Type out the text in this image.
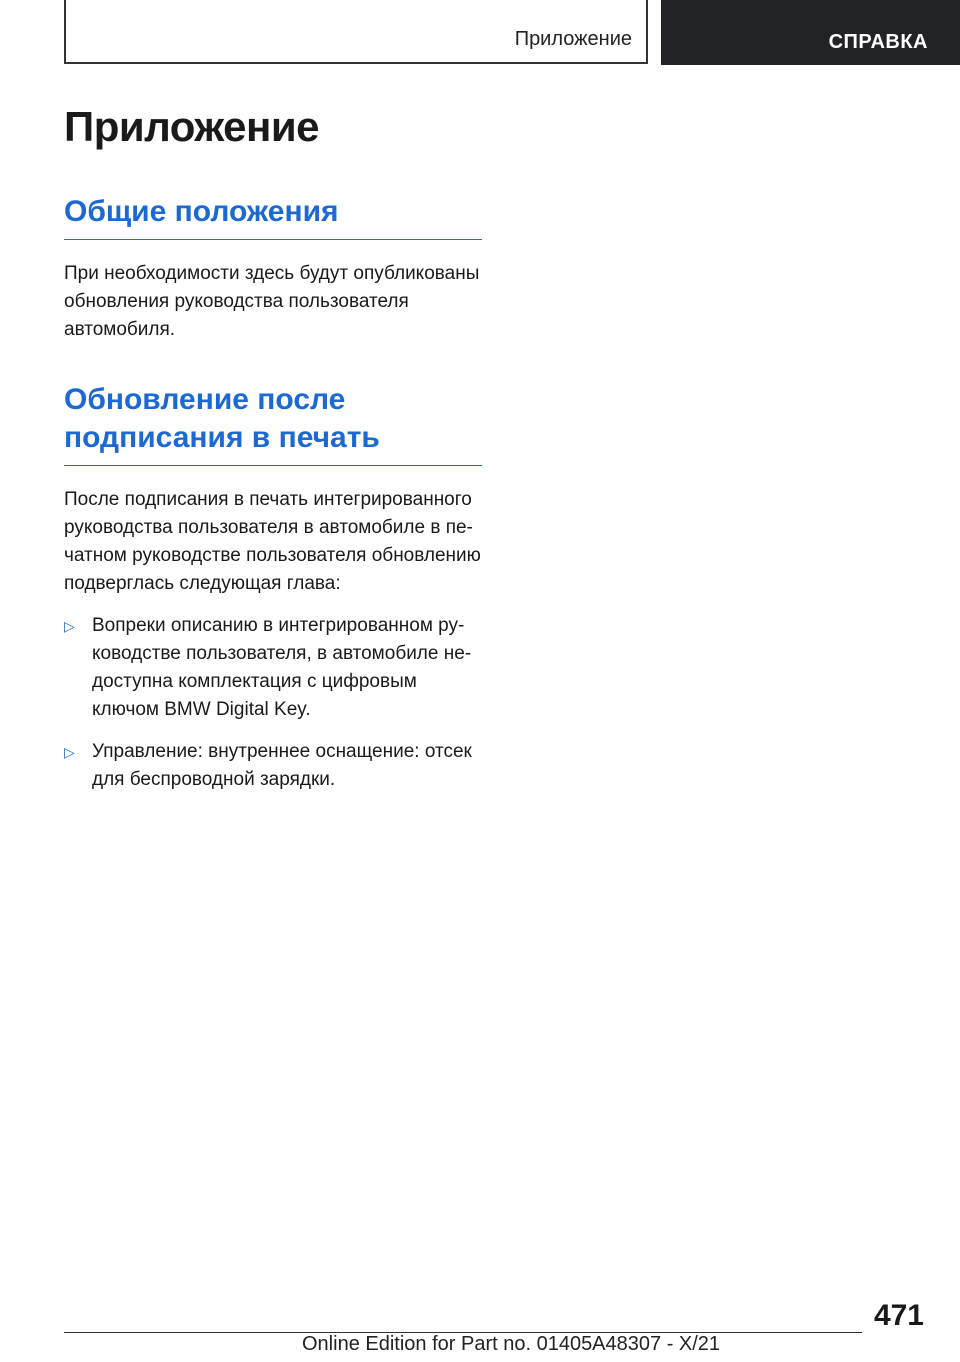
Приложение	СПРАВКА
Приложение
Общие положения

При необходимости здесь будут опубликованы обновления руководства пользователя автомобиля.

Обновление после подписания в печать

После подписания в печать интегрированного руководства пользователя в автомобиле в печатном руководстве пользователя обновлению подверглась следующая глава:

▷ Вопреки описанию в интегрированном руководстве пользователя, в автомобиле недоступна комплектация с цифровым ключом BMW Digital Key.
▷ Управление: внутреннее оснащение: отсек для беспроводной зарядки.
471
Online Edition for Part no. 01405A48307 - X/21
